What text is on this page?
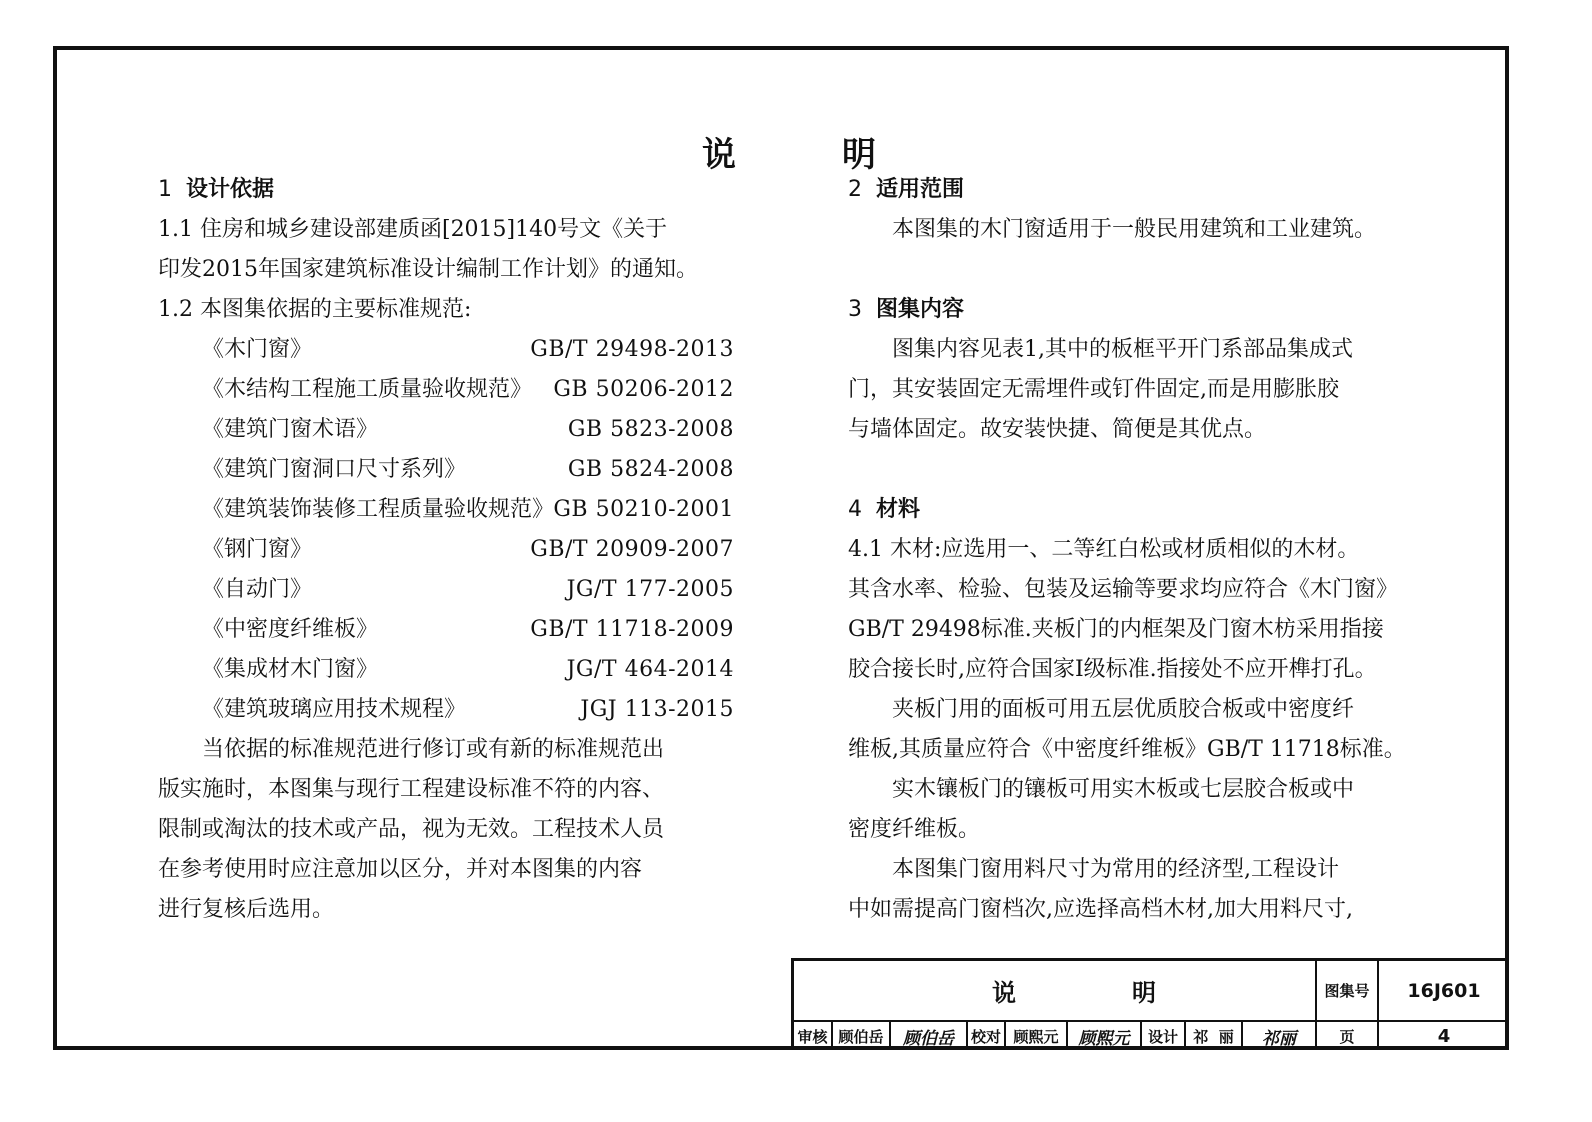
说	明
1 设计依据
1.1 住房和城乡建设部建质函[2015]140号文《关于
印发2015年国家建筑标准设计编制工作计划》的通知。
1.2 本图集依据的主要标准规范:
《木门窗》	GB/T 29498-2013
《木结构工程施工质量验收规范》 GB 50206-2012
《建筑门窗术语》	GB 5823-2008
《建筑门窗洞口尺寸系列》	GB 5824-2008
《建筑装饰装修工程质量验收规范》 GB 50210-2001
《钢门窗》	GB/T 20909-2007
《自动门》	JG/T 177-2005
《中密度纤维板》	GB/T 11718-2009
《集成材木门窗》	JG/T 464-2014
《建筑玻璃应用技术规程》	JGJ 113-2015
当依据的标准规范进行修订或有新的标准规范出
版实施时，本图集与现行工程建设标准不符的内容、
限制或淘汰的技术或产品，视为无效。工程技术人员
在参考使用时应注意加以区分，并对本图集的内容
进行复核后选用。
2 适用范围
本图集的木门窗适用于一般民用建筑和工业建筑。
3 图集内容
图集内容见表1,其中的板框平开门系部品集成式
门，其安装固定无需埋件或钉件固定,而是用膨胀胶
与墙体固定。故安装快捷、简便是其优点。
4 材料
4.1 木材:应选用一、二等红白松或材质相似的木材。
其含水率、检验、包装及运输等要求均应符合《木门窗》
GB/T 29498标准.夹板门的内框架及门窗木枋采用指接
胶合接长时,应符合国家I级标准.指接处不应开榫打孔。
夹板门用的面板可用五层优质胶合板或中密度纤
维板,其质量应符合《中密度纤维板》GB/T 11718标准。
实木镶板门的镶板可用实木板或七层胶合板或中
密度纤维板。
本图集门窗用料尺寸为常用的经济型,工程设计
中如需提高门窗档次,应选择高档木材,加大用料尺寸,
说	明	图集号	16J601
审核 顾伯岳	顾伯岳	校对 顾熙元	顾熙元	设计	祁  丽	祁丽	页	4
